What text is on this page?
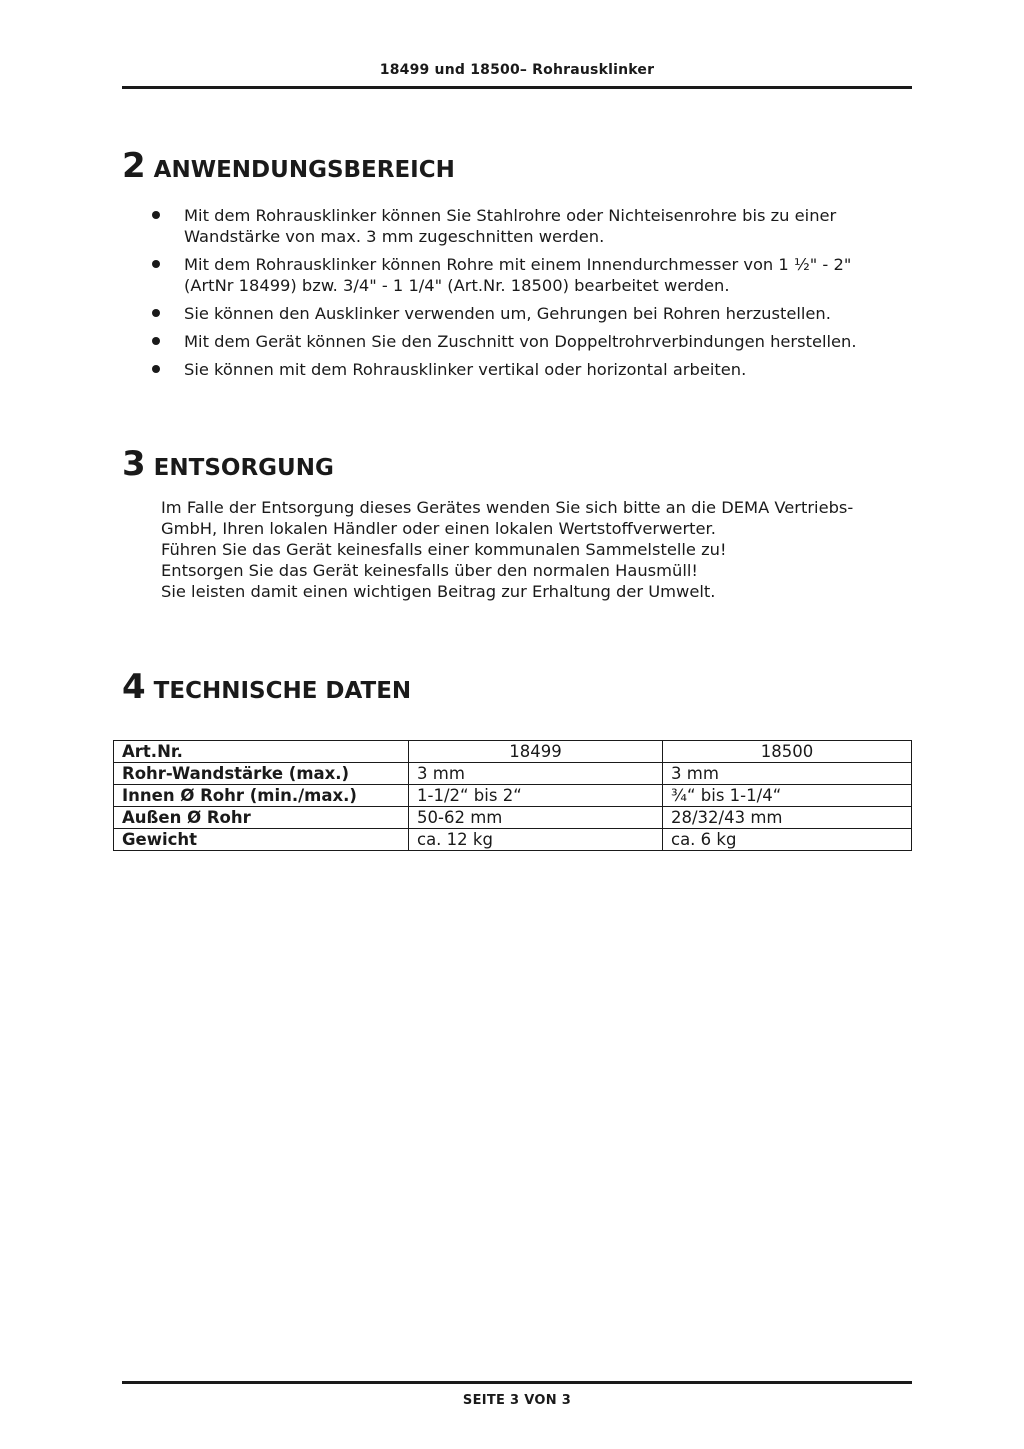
18499 und 18500– Rohrausklinker
2 ANWENDUNGSBEREICH
Mit dem Rohrausklinker können Sie Stahlrohre oder Nichteisenrohre bis zu einer
Wandstärke von max. 3 mm zugeschnitten werden.
Mit dem Rohrausklinker können Rohre mit einem Innendurchmesser von 1 ½" - 2"
(ArtNr 18499) bzw. 3/4" - 1 1/4" (Art.Nr. 18500) bearbeitet werden.
Sie können den Ausklinker verwenden um, Gehrungen bei Rohren herzustellen.
Mit dem Gerät können Sie den Zuschnitt von Doppeltrohrverbindungen herstellen.
Sie können mit dem Rohrausklinker vertikal oder horizontal arbeiten.
3 ENTSORGUNG

Im Falle der Entsorgung dieses Gerätes wenden Sie sich bitte an die DEMA Vertriebs-

GmbH, Ihren lokalen Händler oder einen lokalen Wertstoffverwerter.

Führen Sie das Gerät keinesfalls einer kommunalen Sammelstelle zu!

Entsorgen Sie das Gerät keinesfalls über den normalen Hausmüll!

Sie leisten damit einen wichtigen Beitrag zur Erhaltung der Umwelt.

4 TECHNISCHE DATEN
Art.Nr.	18499	18500
Rohr-Wandstärke (max.)	3 mm	3 mm
Innen Ø Rohr (min./max.)	1-1/2“ bis 2“	¾“ bis 1-1/4“
Außen Ø Rohr	50-62 mm	28/32/43 mm
Gewicht	ca. 12 kg	ca. 6 kg
SEITE 3 VON 3
